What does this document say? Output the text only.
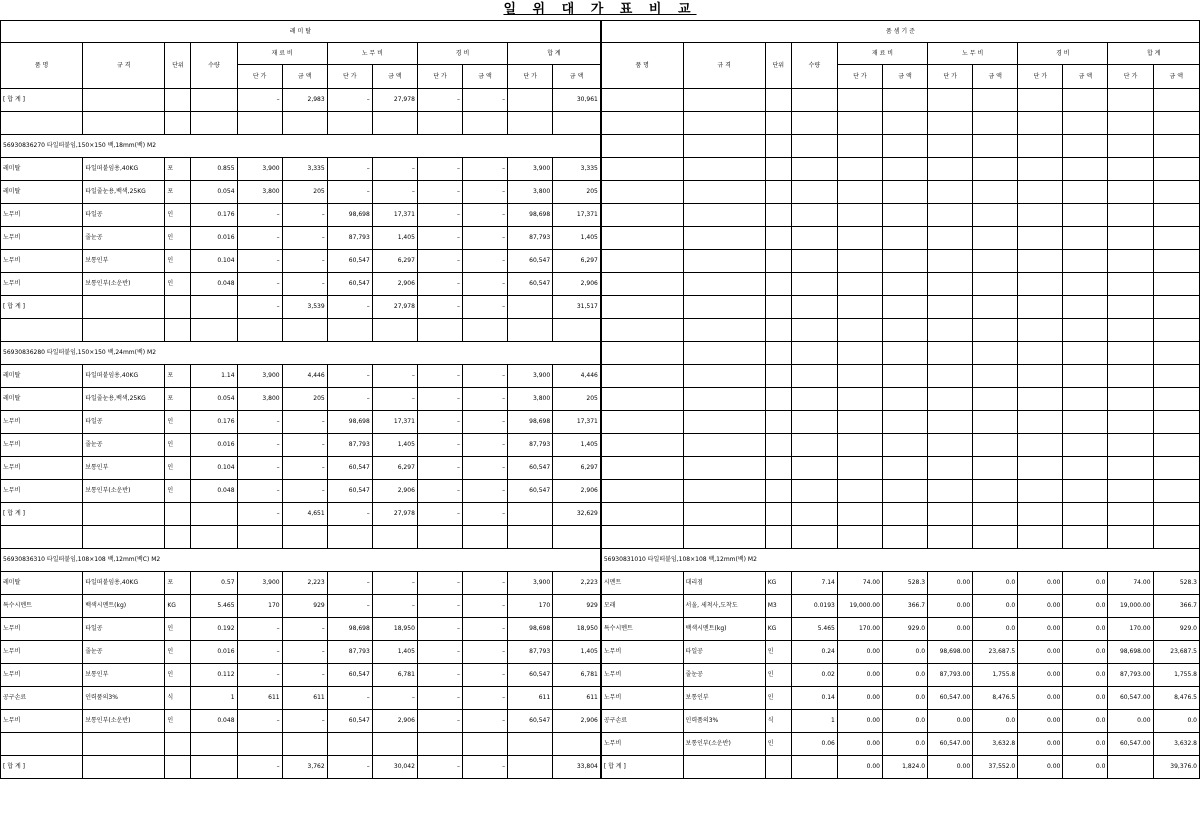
일 위 대 가 표 비 교
레 미 탈												품 셈 기 준											
품 명	규 격	단위	수량	재 료 비		노 무 비		경 비		합 계		품 명	규 격	단위	수량	재 료 비		노 무 비		경 비		합 계	
				단 가	금 액	단 가	금 액	단 가	금 액	단 가	금 액					단 가	금 액	단 가	금 액	단 가	금 액	단 가	금 액
[ 합 계 ]				–	2,983	–	27,978	–	–		30,961												

56930836270 타일떠붙임,150×150 백,18mm(백) M2																							
레미탈	타일떠붙임용,40KG	포	0.855	3,900	3,335	–	–	–	–	3,900	3,335												
레미탈	타일줄눈용,백색,25KG	포	0.054	3,800	205	–	–	–	–	3,800	205												
노무비	타일공	인	0.176	–	–	98,698	17,371	–	–	98,698	17,371												
노무비	줄눈공	인	0.016	–	–	87,793	1,405	–	–	87,793	1,405												
노무비	보통인부	인	0.104	–	–	60,547	6,297	–	–	60,547	6,297												
노무비	보통인부(소운반)	인	0.048	–	–	60,547	2,906	–	–	60,547	2,906												
[ 합 계 ]				–	3,539	–	27,978	–	–		31,517												

56930836280 타일떠붙임,150×150 백,24mm(백) M2																							
레미탈	타일떠붙임용,40KG	포	1.14	3,900	4,446	–	–	–	–	3,900	4,446												
레미탈	타일줄눈용,백색,25KG	포	0.054	3,800	205	–	–	–	–	3,800	205												
노무비	타일공	인	0.176	–	–	98,698	17,371	–	–	98,698	17,371												
노무비	줄눈공	인	0.016	–	–	87,793	1,405	–	–	87,793	1,405												
노무비	보통인부	인	0.104	–	–	60,547	6,297	–	–	60,547	6,297												
노무비	보통인부(소운반)	인	0.048	–	–	60,547	2,906	–	–	60,547	2,906												
[ 합 계 ]				–	4,651	–	27,978	–	–		32,629												

56930836310 타일떠붙임,108×108 백,12mm(백C) M2												56930831010 타일떠붙임,108×108 백,12mm(백) M2											
레미탈	타일떠붙임용,40KG	포	0.57	3,900	2,223	–	–	–	–	3,900	2,223	시멘트	대리점	KG	7.14	74.00	528.3	0.00	0.0	0.00	0.0	74.00	528.3
특수시멘트	백색시멘트(kg)	KG	5.465	170	929	–	–	–	–	170	929	모래	서울, 세척사,도착도	M3	0.0193	19,000.00	366.7	0.00	0.0	0.00	0.0	19,000.00	366.7
노무비	타일공	인	0.192	–	–	98,698	18,950	–	–	98,698	18,950	특수시멘트	백색시멘트(kg)	KG	5.465	170.00	929.0	0.00	0.0	0.00	0.0	170.00	929.0
노무비	줄눈공	인	0.016	–	–	87,793	1,405	–	–	87,793	1,405	노무비	타일공	인	0.24	0.00	0.0	98,698.00	23,687.5	0.00	0.0	98,698.00	23,687.5
노무비	보통인부	인	0.112	–	–	60,547	6,781	–	–	60,547	6,781	노무비	줄눈공	인	0.02	0.00	0.0	87,793.00	1,755.8	0.00	0.0	87,793.00	1,755.8
공구손료	인력품의3%	식	1	611	611	–	–	–	–	611	611	노무비	보통인부	인	0.14	0.00	0.0	60,547.00	8,476.5	0.00	0.0	60,547.00	8,476.5
노무비	보통인부(소운반)	인	0.048	–	–	60,547	2,906	–	–	60,547	2,906	공구손료	인력품의3%	식	1	0.00	0.0	0.00	0.0	0.00	0.0	0.00	0.0
												노무비	보통인부(소운반)	인	0.06	0.00	0.0	60,547.00	3,632.8	0.00	0.0	60,547.00	3,632.8
[ 합 계 ]				–	3,762	–	30,042	–	–		33,804	[ 합 계 ]				0.00	1,824.0	0.00	37,552.0	0.00	0.0		39,376.0
